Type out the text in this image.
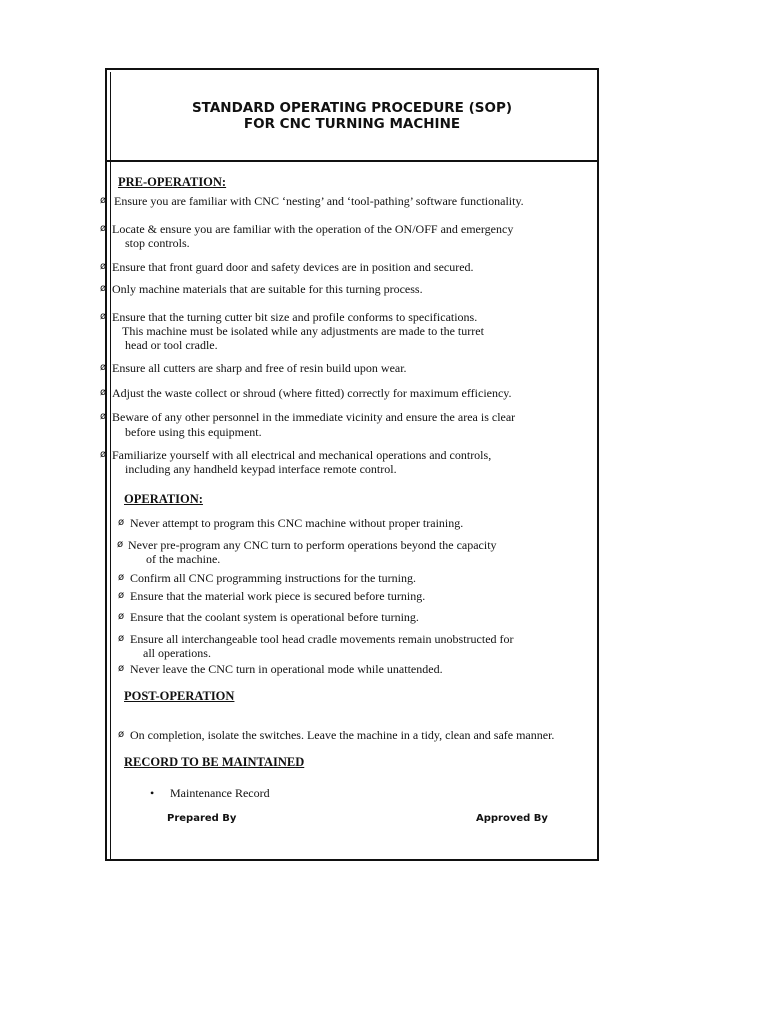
STANDARD OPERATING PROCEDURE (SOP)
FOR CNC TURNING MACHINE
PRE-OPERATION:
ø Ensure you are familiar with CNC ‘nesting’ and ‘tool-pathing’ software functionality.
ø Locate & ensure you are familiar with the operation of the ON/OFF and emergency
stop controls.
ø Ensure that front guard door and safety devices are in position and secured.
ø Only machine materials that are suitable for this turning process.
ø Ensure that the turning cutter bit size and profile conforms to specifications.
This machine must be isolated while any adjustments are made to the turret
head or tool cradle.
ø Ensure all cutters are sharp and free of resin build upon wear.
ø Adjust the waste collect or shroud (where fitted) correctly for maximum efficiency.
ø Beware of any other personnel in the immediate vicinity and ensure the area is clear
before using this equipment.
ø Familiarize yourself with all electrical and mechanical operations and controls,
including any handheld keypad interface remote control.
OPERATION:
ø Never attempt to program this CNC machine without proper training.
ø Never pre-program any CNC turn to perform operations beyond the capacity
of the machine.
ø Confirm all CNC programming instructions for the turning.
ø Ensure that the material work piece is secured before turning.
ø Ensure that the coolant system is operational before turning.
ø Ensure all interchangeable tool head cradle movements remain unobstructed for
all operations.
ø Never leave the CNC turn in operational mode while unattended.
POST-OPERATION
ø On completion, isolate the switches. Leave the machine in a tidy, clean and safe manner.
RECORD TO BE MAINTAINED
• Maintenance Record
Prepared By	Approved By
